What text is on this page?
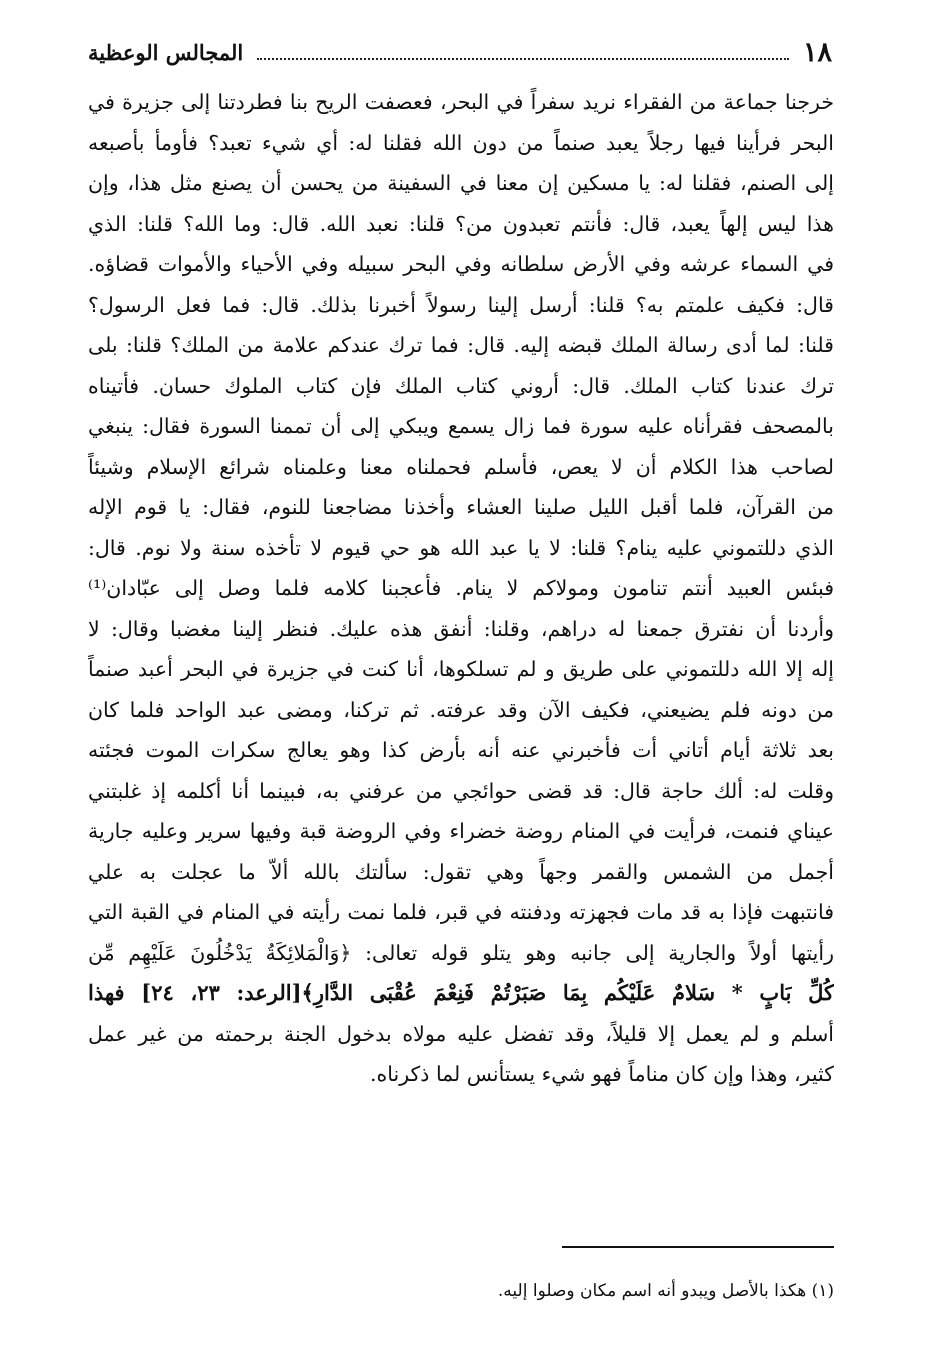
١٨
المجالس الوعظية
خرجنا جماعة من الفقراء نريد سفراً في البحر، فعصفت الريح بنا فطردتنا إلى جزيرة في
البحر فرأينا فيها رجلاً يعبد صنماً من دون الله فقلنا له: أي شيء تعبد؟ فأومأ بأصبعه
إلى الصنم، فقلنا له: يا مسكين إن معنا في السفينة من يحسن أن يصنع مثل هذا، وإن
هذا ليس إلهاً يعبد، قال: فأنتم تعبدون من؟ قلنا: نعبد الله. قال: وما الله؟ قلنا: الذي
في السماء عرشه وفي الأرض سلطانه وفي البحر سبيله وفي الأحياء والأموات قضاؤه.
قال: فكيف علمتم به؟ قلنا: أرسل إلينا رسولاً أخبرنا بذلك. قال: فما فعل الرسول؟
قلنا: لما أدى رسالة الملك قبضه إليه. قال: فما ترك عندكم علامة من الملك؟ قلنا: بلى
ترك عندنا كتاب الملك. قال: أروني كتاب الملك فإن كتاب الملوك حسان. فأتيناه
بالمصحف فقرأناه عليه سورة فما زال يسمع ويبكي إلى أن تممنا السورة فقال: ينبغي
لصاحب هذا الكلام أن لا يعص، فأسلم فحملناه معنا وعلمناه شرائع الإسلام وشيئاً
من القرآن، فلما أقبل الليل صلينا العشاء وأخذنا مضاجعنا للنوم، فقال: يا قوم الإله
الذي دللتموني عليه ينام؟ قلنا: لا يا عبد الله هو حي قيوم لا تأخذه سنة ولا نوم. قال:
فبئس العبيد أنتم تنامون ومولاكم لا ينام. فأعجبنا كلامه فلما وصل إلى عبّادان⁽¹⁾
وأردنا أن نفترق جمعنا له دراهم، وقلنا: أنفق هذه عليك. فنظر إلينا مغضبا وقال: لا
إله إلا الله دللتموني على طريق و لم تسلكوها، أنا كنت في جزيرة في البحر أعبد صنماً
من دونه فلم يضيعني، فكيف الآن وقد عرفته. ثم تركنا، ومضى عبد الواحد فلما كان
بعد ثلاثة أيام أتاني أت فأخبرني عنه أنه بأرض كذا وهو يعالج سكرات الموت فجئته
وقلت له: ألك حاجة قال: قد قضى حوائجي من عرفني به، فبينما أنا أكلمه إذ غلبتني
عيناي فنمت، فرأيت في المنام روضة خضراء وفي الروضة قبة وفيها سرير وعليه جارية
أجمل من الشمس والقمر وجهاً وهي تقول: سألتك بالله ألاّ ما عجلت به علي
فانتبهت فإذا به قد مات فجهزته ودفنته في قبر، فلما نمت رأيته في المنام في القبة التي
رأيتها أولاً والجارية إلى جانبه وهو يتلو قوله تعالى: ﴿وَالْمَلائِكَةُ يَدْخُلُونَ عَلَيْهِم مِّن
كُلِّ بَابٍ * سَلامٌ عَلَيْكُم بِمَا صَبَرْتُمْ فَنِعْمَ عُقْبَى الدَّارِ﴾[الرعد: ٢٣، ٢٤] فهذا
أسلم و لم يعمل إلا قليلاً، وقد تفضل عليه مولاه بدخول الجنة برحمته من غير عمل
كثير، وهذا وإن كان مناماً فهو شيء يستأنس لما ذكرناه.
(١) هكذا بالأصل ويبدو أنه اسم مكان وصلوا إليه.
